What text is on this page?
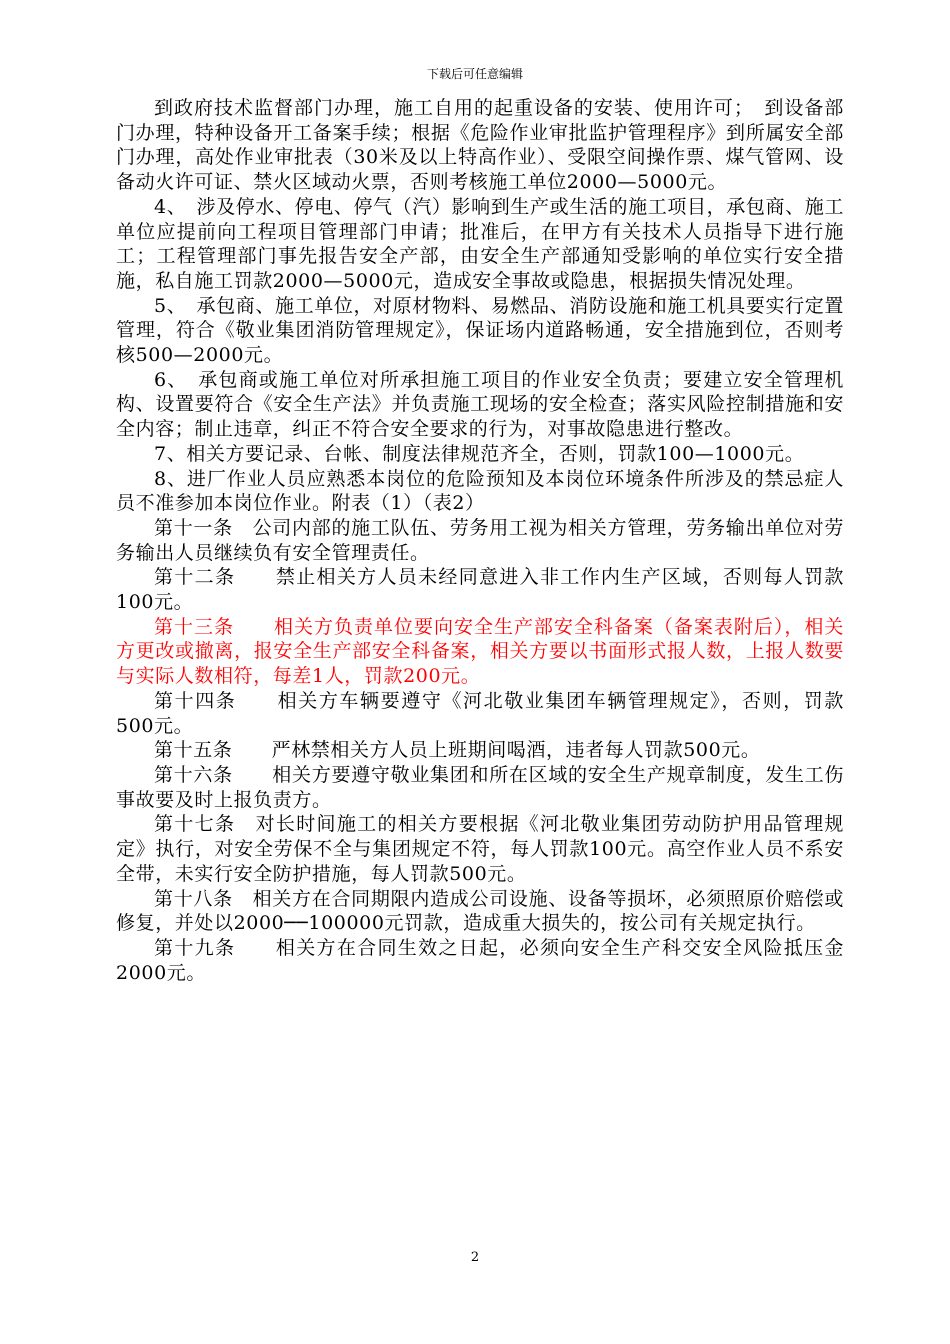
下载后可任意编辑

到政府技术监督部门办理，施工自用的起重设备的安装、使用许可；　到设备部门办理，特种设备开工备案手续；根据《危险作业审批监护管理程序》到所属安全部门办理，高处作业审批表（30米及以上特高作业）、受限空间操作票、煤气管网、设备动火许可证、禁火区域动火票，否则考核施工单位2000—5000元。

4、　涉及停水、停电、停气（汽）影响到生产或生活的施工项目，承包商、施工单位应提前向工程项目管理部门申请；批准后，在甲方有关技术人员指导下进行施工；工程管理部门事先报告安全产部，由安全生产部通知受影响的单位实行安全措施，私自施工罚款2000—5000元，造成安全事故或隐患，根据损失情况处理。

5、　承包商、施工单位，对原材物料、易燃品、消防设施和施工机具要实行定置管理，符合《敬业集团消防管理规定》，保证场内道路畅通，安全措施到位，否则考核500—2000元。

6、　承包商或施工单位对所承担施工项目的作业安全负责；要建立安全管理机构、设置要符合《安全生产法》并负责施工现场的安全检查；落实风险控制措施和安全内容；制止违章，纠正不符合安全要求的行为，对事故隐患进行整改。

7、相关方要记录、台帐、制度法律规范齐全，否则，罚款100—1000元。

8、进厂作业人员应熟悉本岗位的危险预知及本岗位环境条件所涉及的禁忌症人员不准参加本岗位作业。附表（1）（表2）

第十一条　公司内部的施工队伍、劳务用工视为相关方管理，劳务输出单位对劳务输出人员继续负有安全管理责任。

第十二条　　禁止相关方人员未经同意进入非工作内生产区域，否则每人罚款100元。

第十三条　　相关方负责单位要向安全生产部安全科备案（备案表附后），相关方更改或撤离，报安全生产部安全科备案，相关方要以书面形式报人数，上报人数要与实际人数相符，每差1人，罚款200元。

第十四条　　相关方车辆要遵守《河北敬业集团车辆管理规定》，否则，罚款500元。

第十五条　　严林禁相关方人员上班期间喝酒，违者每人罚款500元。

第十六条　　相关方要遵守敬业集团和所在区域的安全生产规章制度，发生工伤事故要及时上报负责方。

第十七条　对长时间施工的相关方要根据《河北敬业集团劳动防护用品管理规定》执行，对安全劳保不全与集团规定不符，每人罚款100元。高空作业人员不系安全带，未实行安全防护措施，每人罚款500元。

第十八条　相关方在合同期限内造成公司设施、设备等损坏，必须照原价赔偿或修复，并处以2000──100000元罚款，造成重大损失的，按公司有关规定执行。

第十九条　　相关方在合同生效之日起，必须向安全生产科交安全风险抵压金2000元。

2
